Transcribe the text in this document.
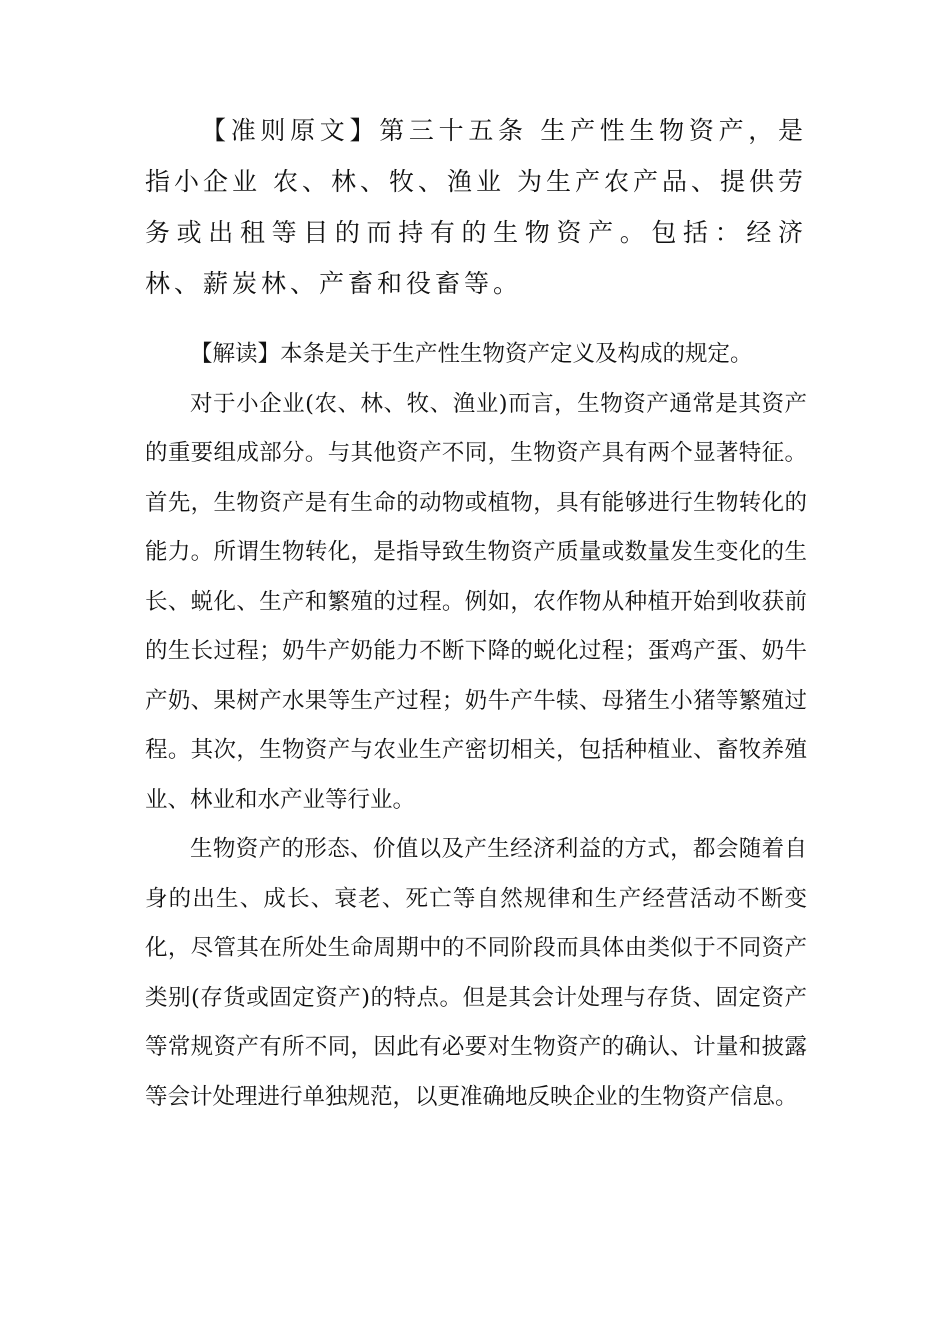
【准则原文】第三十五条 生产性生物资产，是指小企业 农、林、牧、渔业 为生产农产品、提供劳务或出租等目的而持有的生物资产。包括：经济林、薪炭林、产畜和役畜等。

【解读】本条是关于生产性生物资产定义及构成的规定。

对于小企业(农、林、牧、渔业)而言，生物资产通常是其资产的重要组成部分。与其他资产不同，生物资产具有两个显著特征。首先，生物资产是有生命的动物或植物，具有能够进行生物转化的能力。所谓生物转化，是指导致生物资产质量或数量发生变化的生长、蜕化、生产和繁殖的过程。例如，农作物从种植开始到收获前的生长过程；奶牛产奶能力不断下降的蜕化过程；蛋鸡产蛋、奶牛产奶、果树产水果等生产过程；奶牛产牛犊、母猪生小猪等繁殖过程。其次，生物资产与农业生产密切相关，包括种植业、畜牧养殖业、林业和水产业等行业。

生物资产的形态、价值以及产生经济利益的方式，都会随着自身的出生、成长、衰老、死亡等自然规律和生产经营活动不断变化，尽管其在所处生命周期中的不同阶段而具体由类似于不同资产类别(存货或固定资产)的特点。但是其会计处理与存货、固定资产等常规资产有所不同，因此有必要对生物资产的确认、计量和披露等会计处理进行单独规范，以更准确地反映企业的生物资产信息。
